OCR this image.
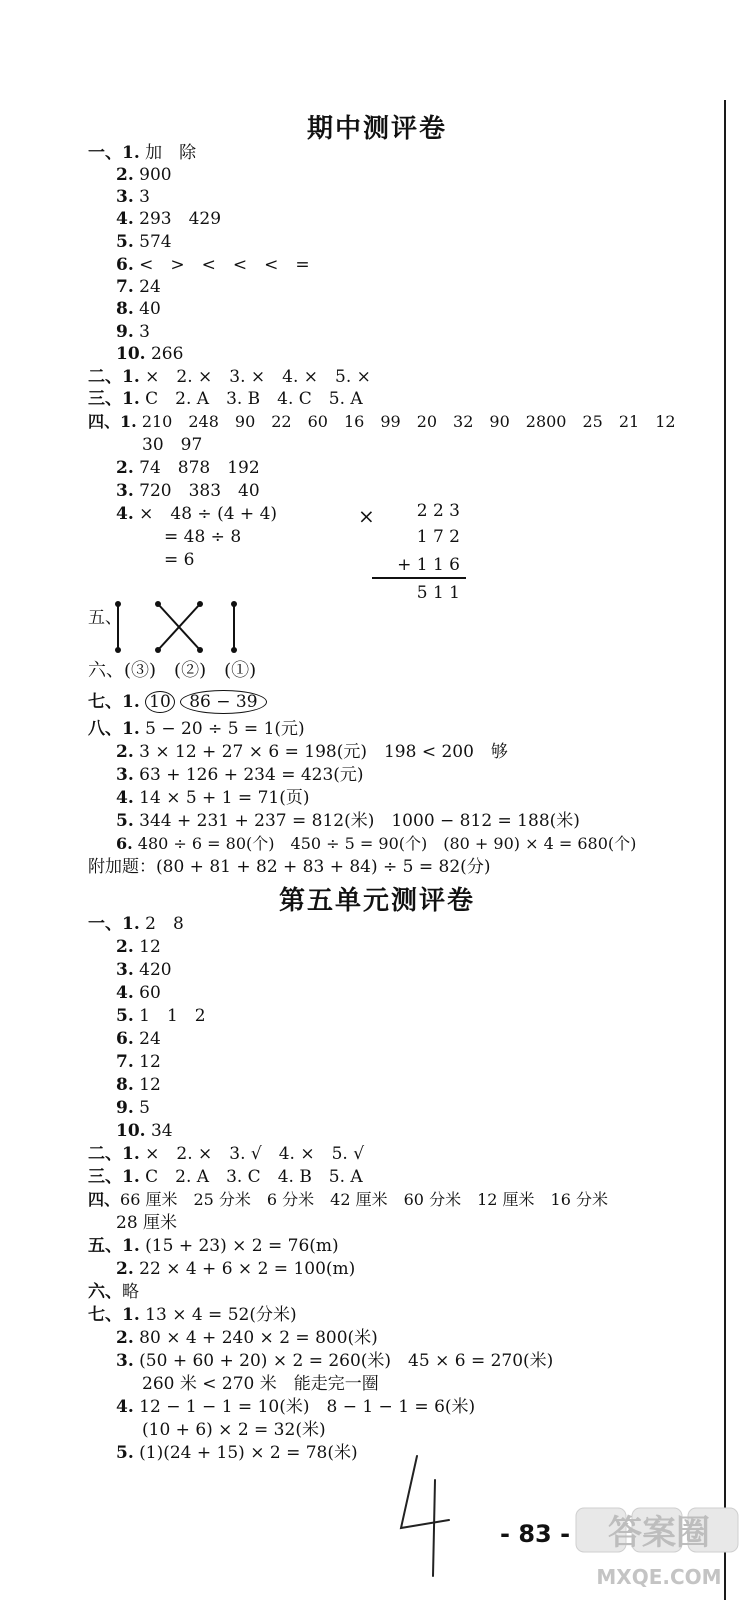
期中测评卷
一、1. 加　除
2. 900
3. 3
4. 293　429
5. 574
6. <　>　<　<　<　=
7. 24
8. 40
9. 3
10. 266
二、1. ×　2. ×　3. ×　4. ×　5. ×
三、1. C　2. A　3. B　4. C　5. A
四、1. 210　248　90　22　60　16　99　20　32　90　2800　25　21　12
30　97
2. 74　878　192
3. 720　383　40
4. ×　48 ÷ (4 + 4)
= 48 ÷ 8
= 6
×	2 2 3
1 7 2
+ 1 1 6
5 1 1
五、
六、(③)　 (②)　 (①)
七、1. 10 86 − 39
八、1. 5 − 20 ÷ 5 = 1(元)
2. 3 × 12 + 27 × 6 = 198(元)　198 < 200　够
3. 63 + 126 + 234 = 423(元)
4. 14 × 5 + 1 = 71(页)
5. 344 + 231 + 237 = 812(米)　1000 − 812 = 188(米)
6. 480 ÷ 6 = 80(个)　450 ÷ 5 = 90(个)　(80 + 90) × 4 = 680(个)
附加题：(80 + 81 + 82 + 83 + 84) ÷ 5 = 82(分)
第五单元测评卷
一、1. 2　8
2. 12
3. 420
4. 60
5. 1　1　2
6. 24
7. 12
8. 12
9. 5
10. 34
二、1. ×　2. ×　3. √　4. ×　5. √
三、1. C　2. A　3. C　4. B　5. A
四、66 厘米　25 分米　6 分米　42 厘米　60 分米　12 厘米　16 分米
28 厘米
五、1. (15 + 23) × 2 = 76(m)
2. 22 × 4 + 6 × 2 = 100(m)
六、略
七、1. 13 × 4 = 52(分米)
2. 80 × 4 + 240 × 2 = 800(米)
3. (50 + 60 + 20) × 2 = 260(米)　45 × 6 = 270(米)
260 米 < 270 米　能走完一圈
4. 12 − 1 − 1 = 10(米)　8 − 1 − 1 = 6(米)
(10 + 6) × 2 = 32(米)
5. (1)(24 + 15) × 2 = 78(米)
- 83 - 答案圈
MXQE.COM
